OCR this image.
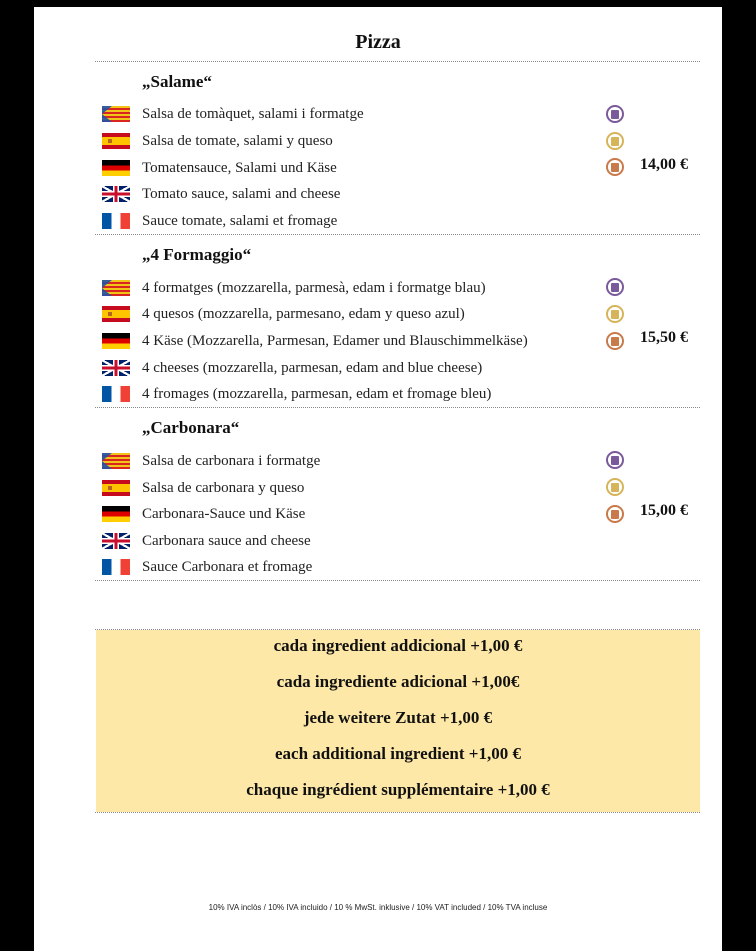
Pizza
„Salame“
Salsa de tomàquet, salami i formatge
Salsa de tomate, salami y queso
Tomatensauce, Salami und Käse
Tomato sauce, salami and cheese
Sauce tomate, salami et fromage
14,00 €
„4 Formaggio“
4 formatges (mozzarella, parmesà, edam i formatge blau)
4 quesos (mozzarella, parmesano, edam y queso azul)
4 Käse (Mozzarella, Parmesan, Edamer und Blauschimmelkäse)
4 cheeses (mozzarella, parmesan, edam and blue cheese)
4 fromages (mozzarella, parmesan, edam et fromage bleu)
15,50 €
„Carbonara“
Salsa de carbonara i formatge
Salsa de carbonara y queso
Carbonara-Sauce und Käse
Carbonara sauce and cheese
Sauce Carbonara et fromage
15,00 €
cada ingredient addicional +1,00 €
cada ingrediente adicional +1,00€
jede weitere Zutat +1,00 €
each additional ingredient +1,00 €
chaque ingrédient supplémentaire +1,00 €
10% IVA inclòs / 10% IVA incluido / 10 % MwSt. inklusive / 10% VAT included / 10% TVA incluse
